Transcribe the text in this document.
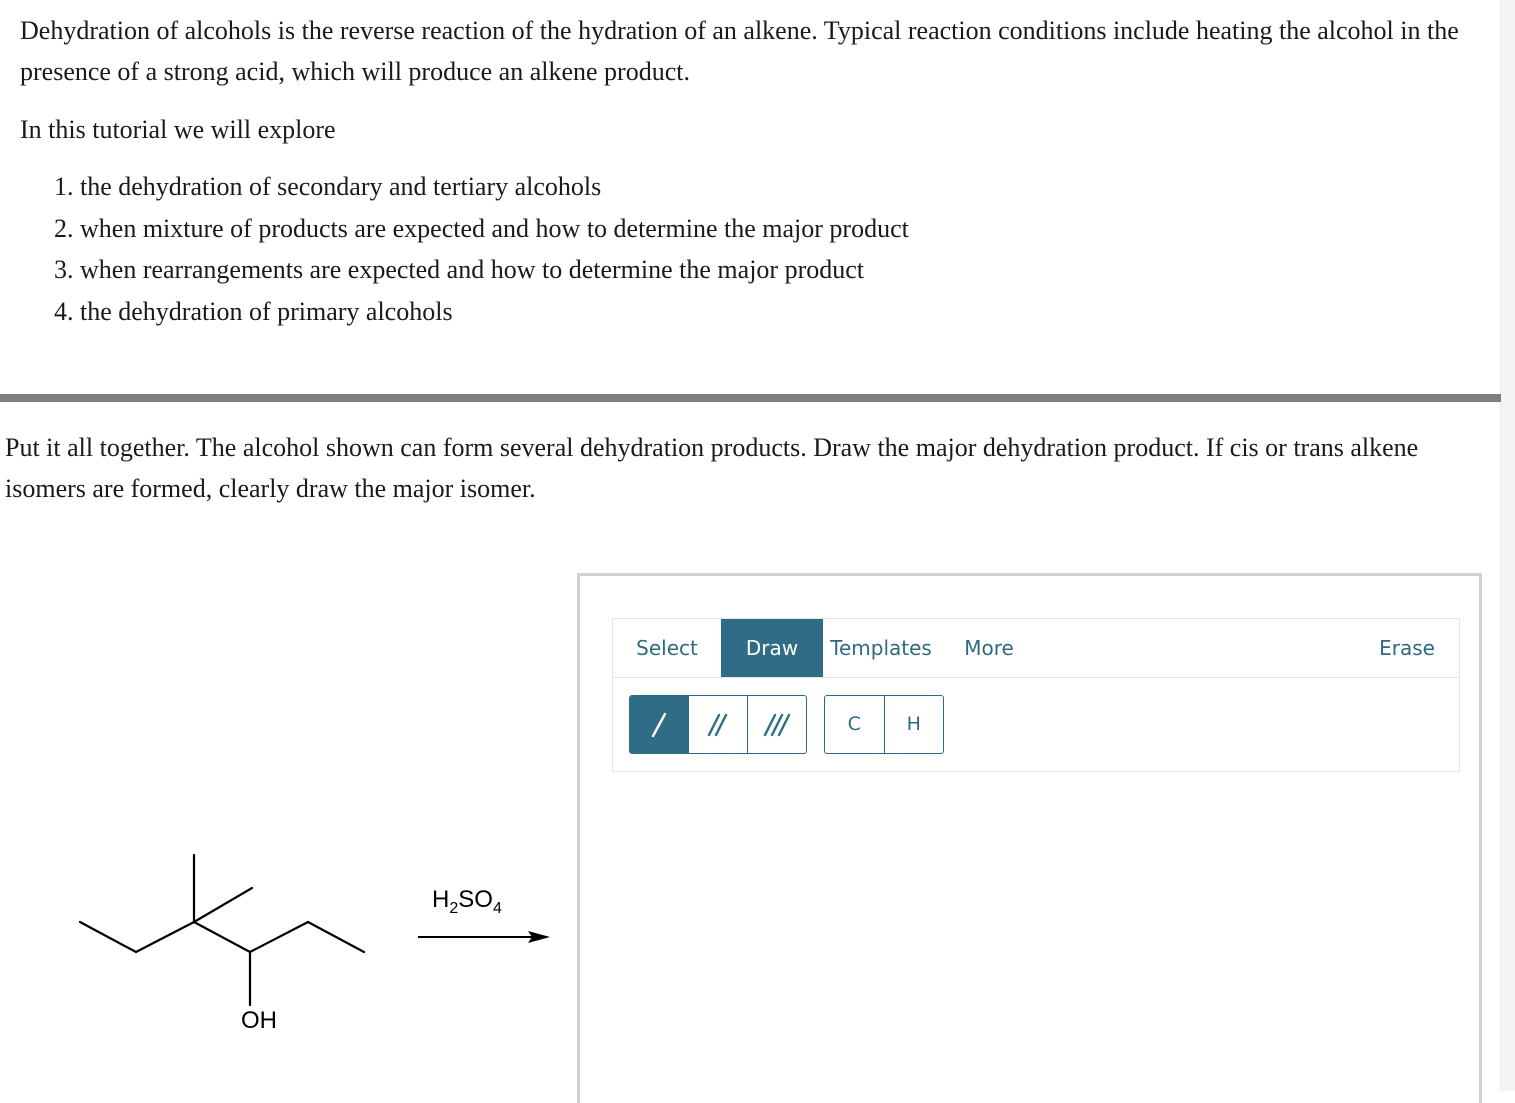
Dehydration of alcohols is the reverse reaction of the hydration of an alkene. Typical reaction conditions include heating the alcohol in the presence of a strong acid, which will produce an alkene product.

In this tutorial we will explore

1. the dehydration of secondary and tertiary alcohols
2. when mixture of products are expected and how to determine the major product
3. when rearrangements are expected and how to determine the major product
4. the dehydration of primary alcohols

Put it all together. The alcohol shown can form several dehydration products. Draw the major dehydration product. If cis or trans alkene isomers are formed, clearly draw the major isomer.

OH
$H_2SO_4$
Select	Draw	Templates	More	Erase
C	H
